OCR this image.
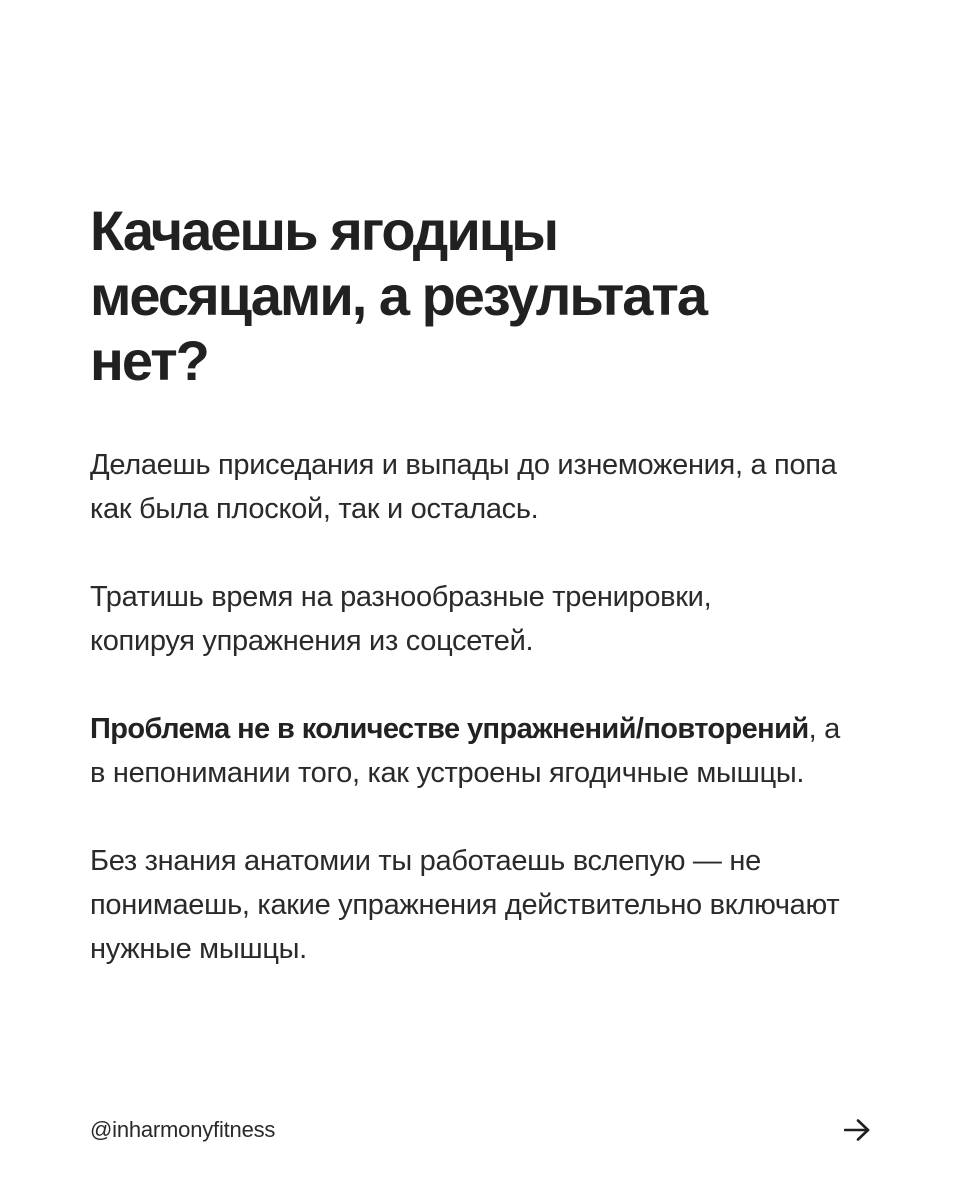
Качаешь ягодицы месяцами, а результата нет?

Делаешь приседания и выпады до изнеможения, а попа как была плоской, так и осталась.

Тратишь время на разнообразные тренировки, копируя упражнения из соцсетей.

Проблема не в количестве упражнений/повторений, а в непонимании того, как устроены ягодичные мышцы.

Без знания анатомии ты работаешь вслепую — не понимаешь, какие упражнения действительно включают нужные мышцы.

@inharmonyfitness
